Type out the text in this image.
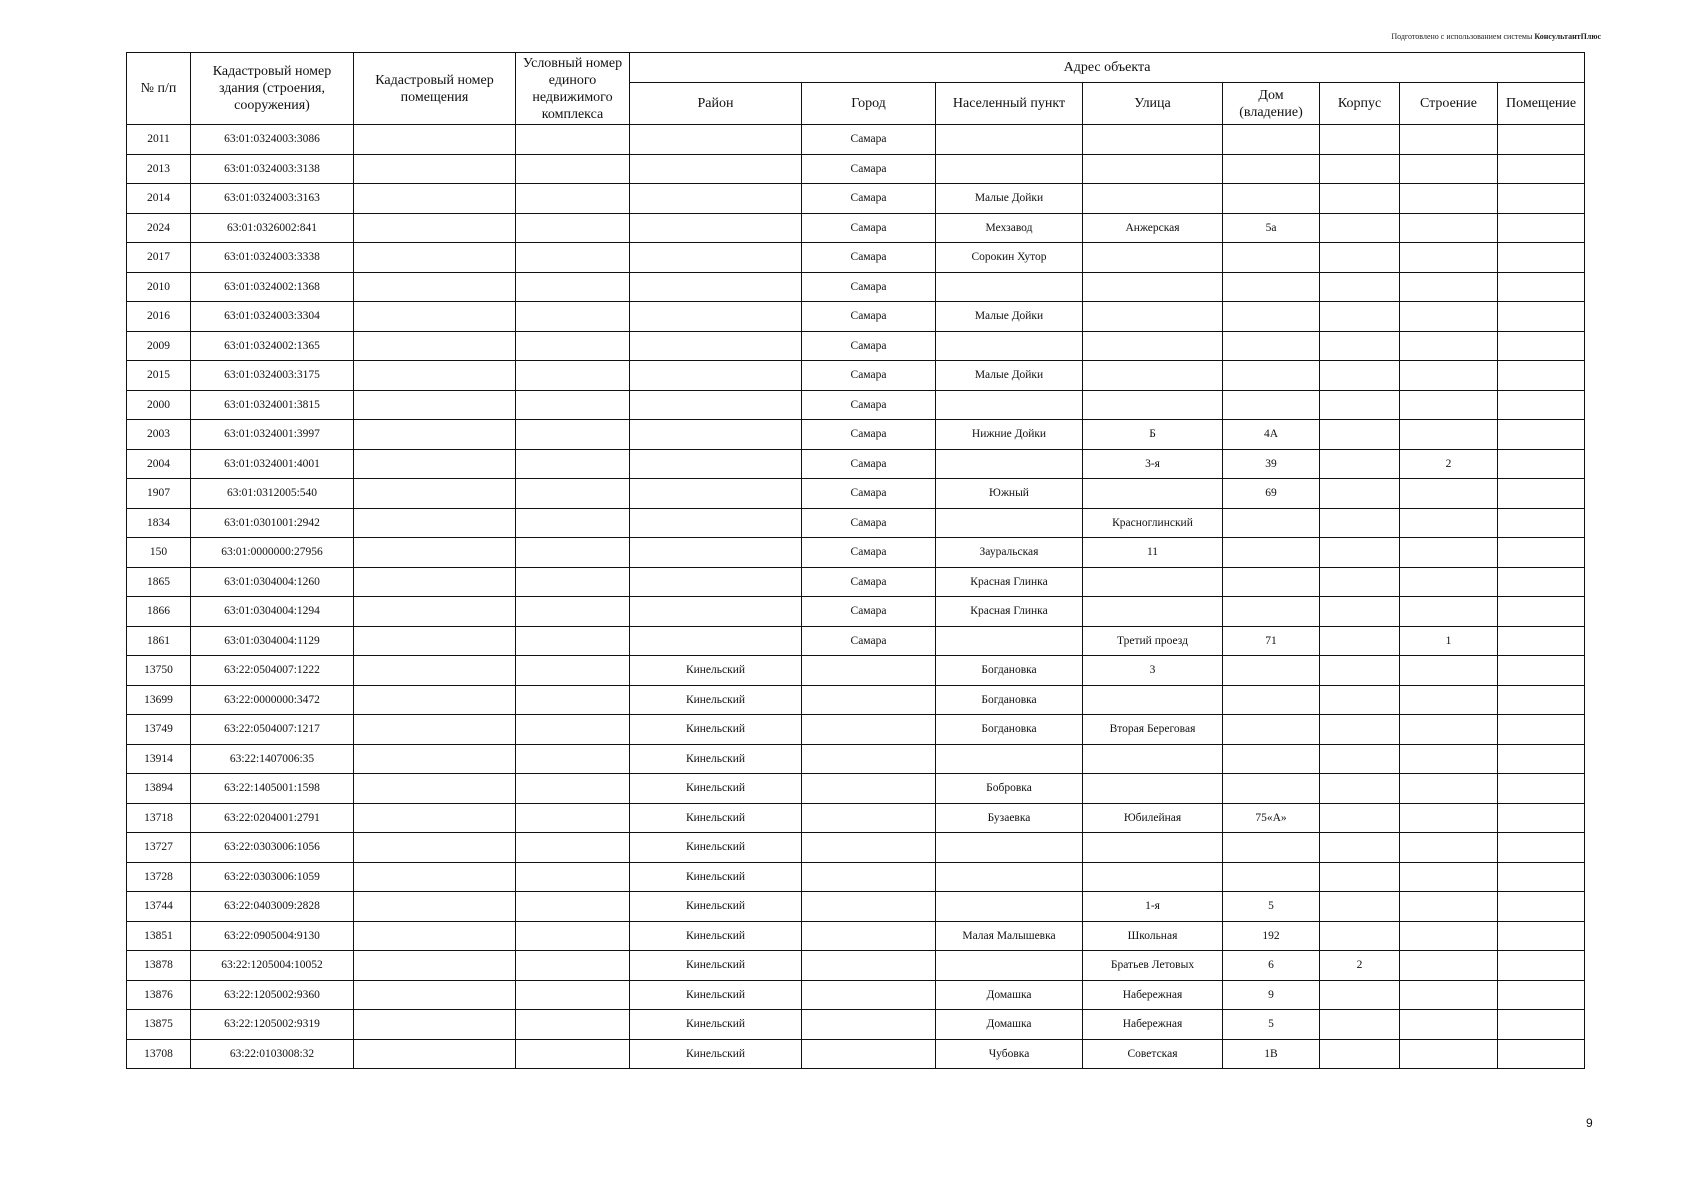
Подготовлено с использованием системы КонсультантПлюс
№ п/п	Кадастровый номер здания (строения, сооружения)	Кадастровый номер помещения	Условный номер единого недвижимого комплекса	Адрес объекта							
				Район	Город	Населенный пункт	Улица	Дом (владение)	Корпус	Строение	Помещение
2011	63:01:0324003:3086				Самара						
2013	63:01:0324003:3138				Самара						
2014	63:01:0324003:3163				Самара	Малые Дойки					
2024	63:01:0326002:841				Самара	Мехзавод	Анжерская	5а			
2017	63:01:0324003:3338				Самара	Сорокин Хутор					
2010	63:01:0324002:1368				Самара						
2016	63:01:0324003:3304				Самара	Малые Дойки					
2009	63:01:0324002:1365				Самара						
2015	63:01:0324003:3175				Самара	Малые Дойки					
2000	63:01:0324001:3815				Самара						
2003	63:01:0324001:3997				Самара	Нижние Дойки	Б	4А			
2004	63:01:0324001:4001				Самара		3-я	39		2	
1907	63:01:0312005:540				Самара	Южный		69			
1834	63:01:0301001:2942				Самара		Красноглинский				
150	63:01:0000000:27956				Самара	Зауральская	11				
1865	63:01:0304004:1260				Самара	Красная Глинка					
1866	63:01:0304004:1294				Самара	Красная Глинка					
1861	63:01:0304004:1129				Самара		Третий проезд	71		1	
13750	63:22:0504007:1222			Кинельский		Богдановка	3				
13699	63:22:0000000:3472			Кинельский		Богдановка					
13749	63:22:0504007:1217			Кинельский		Богдановка	Вторая Береговая				
13914	63:22:1407006:35			Кинельский							
13894	63:22:1405001:1598			Кинельский		Бобровка					
13718	63:22:0204001:2791			Кинельский		Бузаевка	Юбилейная	75«А»			
13727	63:22:0303006:1056			Кинельский							
13728	63:22:0303006:1059			Кинельский							
13744	63:22:0403009:2828			Кинельский			1-я	5			
13851	63:22:0905004:9130			Кинельский		Малая Малышевка	Школьная	192			
13878	63:22:1205004:10052			Кинельский			Братьев Летовых	6	2		
13876	63:22:1205002:9360			Кинельский		Домашка	Набережная	9			
13875	63:22:1205002:9319			Кинельский		Домашка	Набережная	5			
13708	63:22:0103008:32			Кинельский		Чубовка	Советская	1В			
9
